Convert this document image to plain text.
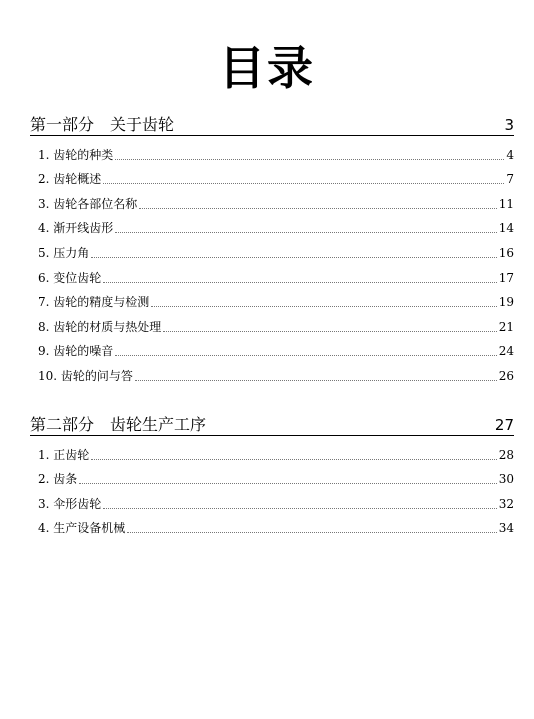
目录
第一部分　关于齿轮	3
1. 齿轮的种类	4
2. 齿轮概述	7
3. 齿轮各部位名称	11
4. 渐开线齿形	14
5. 压力角	16
6. 变位齿轮	17
7. 齿轮的精度与检测	19
8. 齿轮的材质与热处理	21
9. 齿轮的噪音	24
10. 齿轮的问与答	26
第二部分　齿轮生产工序	27
1. 正齿轮	28
2. 齿条	30
3. 伞形齿轮	32
4. 生产设备机械	34
